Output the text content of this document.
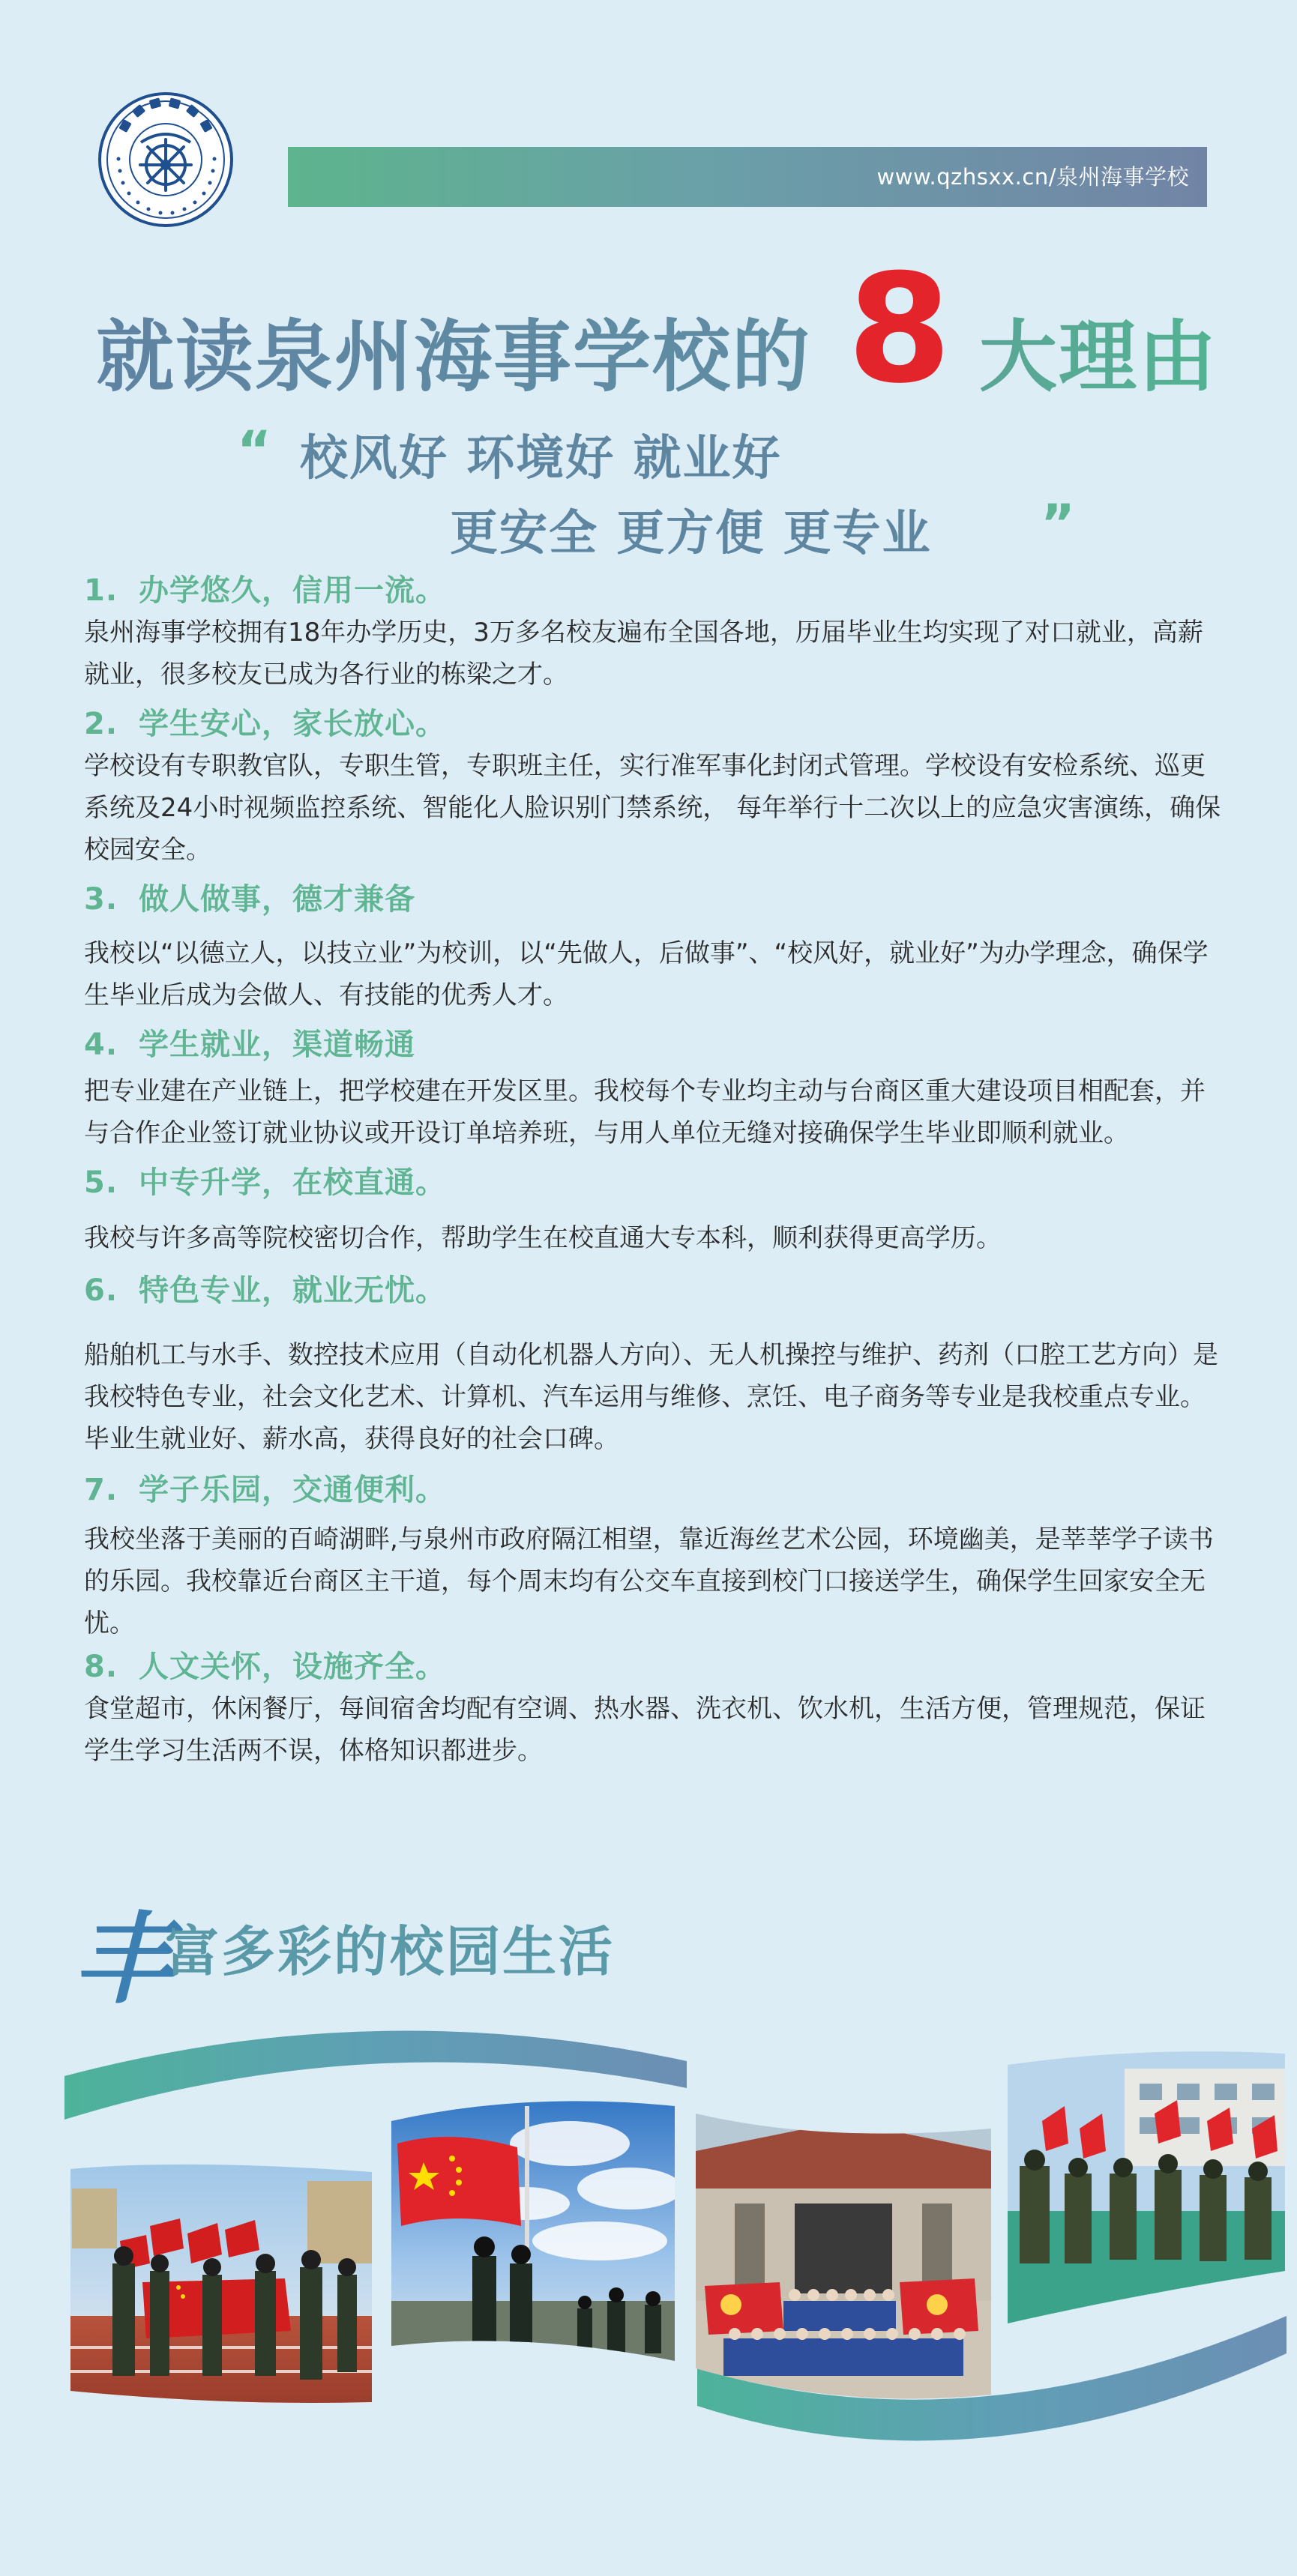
www.qzhsxx.cn/泉州海事学校
就读泉州海事学校的 8 大理由
“ 校风好 环境好 就业好
更安全 更方便 更专业 ”
1. 办学悠久，信用一流。
泉州海事学校拥有18年办学历史，3万多名校友遍布全国各地，历届毕业生均实现了对口就业，高薪就业，很多校友已成为各行业的栋梁之才。
2. 学生安心，家长放心。
学校设有专职教官队，专职生管，专职班主任，实行准军事化封闭式管理。学校设有安检系统、巡更系统及24小时视频监控系统、智能化人脸识别门禁系统， 每年举行十二次以上的应急灾害演练，确保校园安全。
3. 做人做事，德才兼备
我校以“以德立人，以技立业”为校训，以“先做人，后做事”、“校风好，就业好”为办学理念，确保学生毕业后成为会做人、有技能的优秀人才。
4. 学生就业，渠道畅通
把专业建在产业链上，把学校建在开发区里。我校每个专业均主动与台商区重大建设项目相配套，并与合作企业签订就业协议或开设订单培养班，与用人单位无缝对接确保学生毕业即顺利就业。
5. 中专升学，在校直通。
我校与许多高等院校密切合作，帮助学生在校直通大专本科，顺利获得更高学历。
6. 特色专业，就业无忧。
船舶机工与水手、数控技术应用（自动化机器人方向）、无人机操控与维护、药剂（口腔工艺方向）是我校特色专业，社会文化艺术、计算机、汽车运用与维修、烹饪、电子商务等专业是我校重点专业。毕业生就业好、薪水高，获得良好的社会口碑。
7. 学子乐园，交通便利。
我校坐落于美丽的百崎湖畔,与泉州市政府隔江相望，靠近海丝艺术公园，环境幽美，是莘莘学子读书的乐园。我校靠近台商区主干道，每个周末均有公交车直接到校门口接送学生，确保学生回家安全无忧。
8. 人文关怀，设施齐全。
食堂超市，休闲餐厅，每间宿舍均配有空调、热水器、洗衣机、饮水机，生活方便，管理规范，保证学生学习生活两不误，体格知识都进步。
丰
富多彩的校园生活
